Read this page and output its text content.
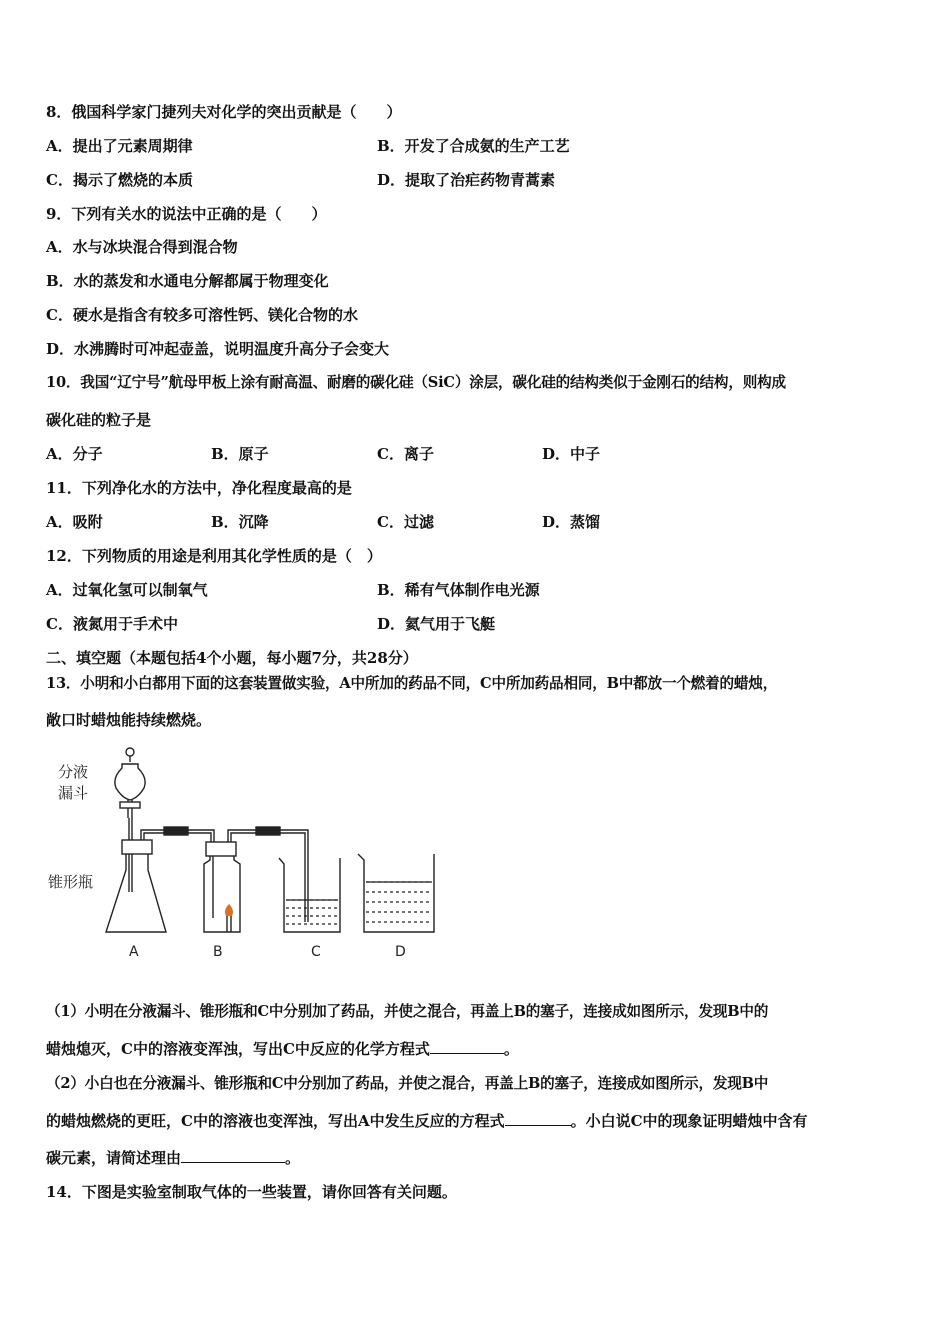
8．俄国科学家门捷列夫对化学的突出贡献是（　　）
A．提出了元素周期律	B．开发了合成氨的生产工艺
C．揭示了燃烧的本质	D．提取了治疟药物青蒿素
9．下列有关水的说法中正确的是（　　）
A．水与冰块混合得到混合物
B．水的蒸发和水通电分解都属于物理变化
C．硬水是指含有较多可溶性钙、镁化合物的水
D．水沸腾时可冲起壶盖，说明温度升高分子会变大
10．我国“辽宁号”航母甲板上涂有耐高温、耐磨的碳化硅（SiC）涂层，碳化硅的结构类似于金刚石的结构，则构成
碳化硅的粒子是
A．分子	B．原子	C．离子	D．中子
11．下列净化水的方法中，净化程度最高的是
A．吸附	B．沉降	C．过滤	D．蒸馏
12．下列物质的用途是利用其化学性质的是（　）
A．过氧化氢可以制氧气	B．稀有气体制作电光源
C．液氮用于手术中	D．氦气用于飞艇
二、填空题（本题包括4个小题，每小题7分，共28分）
13．小明和小白都用下面的这套装置做实验，A中所加的药品不同，C中所加药品相同，B中都放一个燃着的蜡烛，
敞口时蜡烛能持续燃烧。
分液
漏斗
锥形瓶
A	B	C	D
（1）小明在分液漏斗、锥形瓶和C中分别加了药品，并使之混合，再盖上B的塞子，连接成如图所示，发现B中的
蜡烛熄灭，C中的溶液变浑浊，写出C中反应的化学方程式	。
（2）小白也在分液漏斗、锥形瓶和C中分别加了药品，并使之混合，再盖上B的塞子，连接成如图所示，发现B中
的蜡烛燃烧的更旺，C中的溶液也变浑浊，写出A中发生反应的方程式	。小白说C中的现象证明蜡烛中含有
碳元素，请简述理由	。
14．下图是实验室制取气体的一些装置，请你回答有关问题。
